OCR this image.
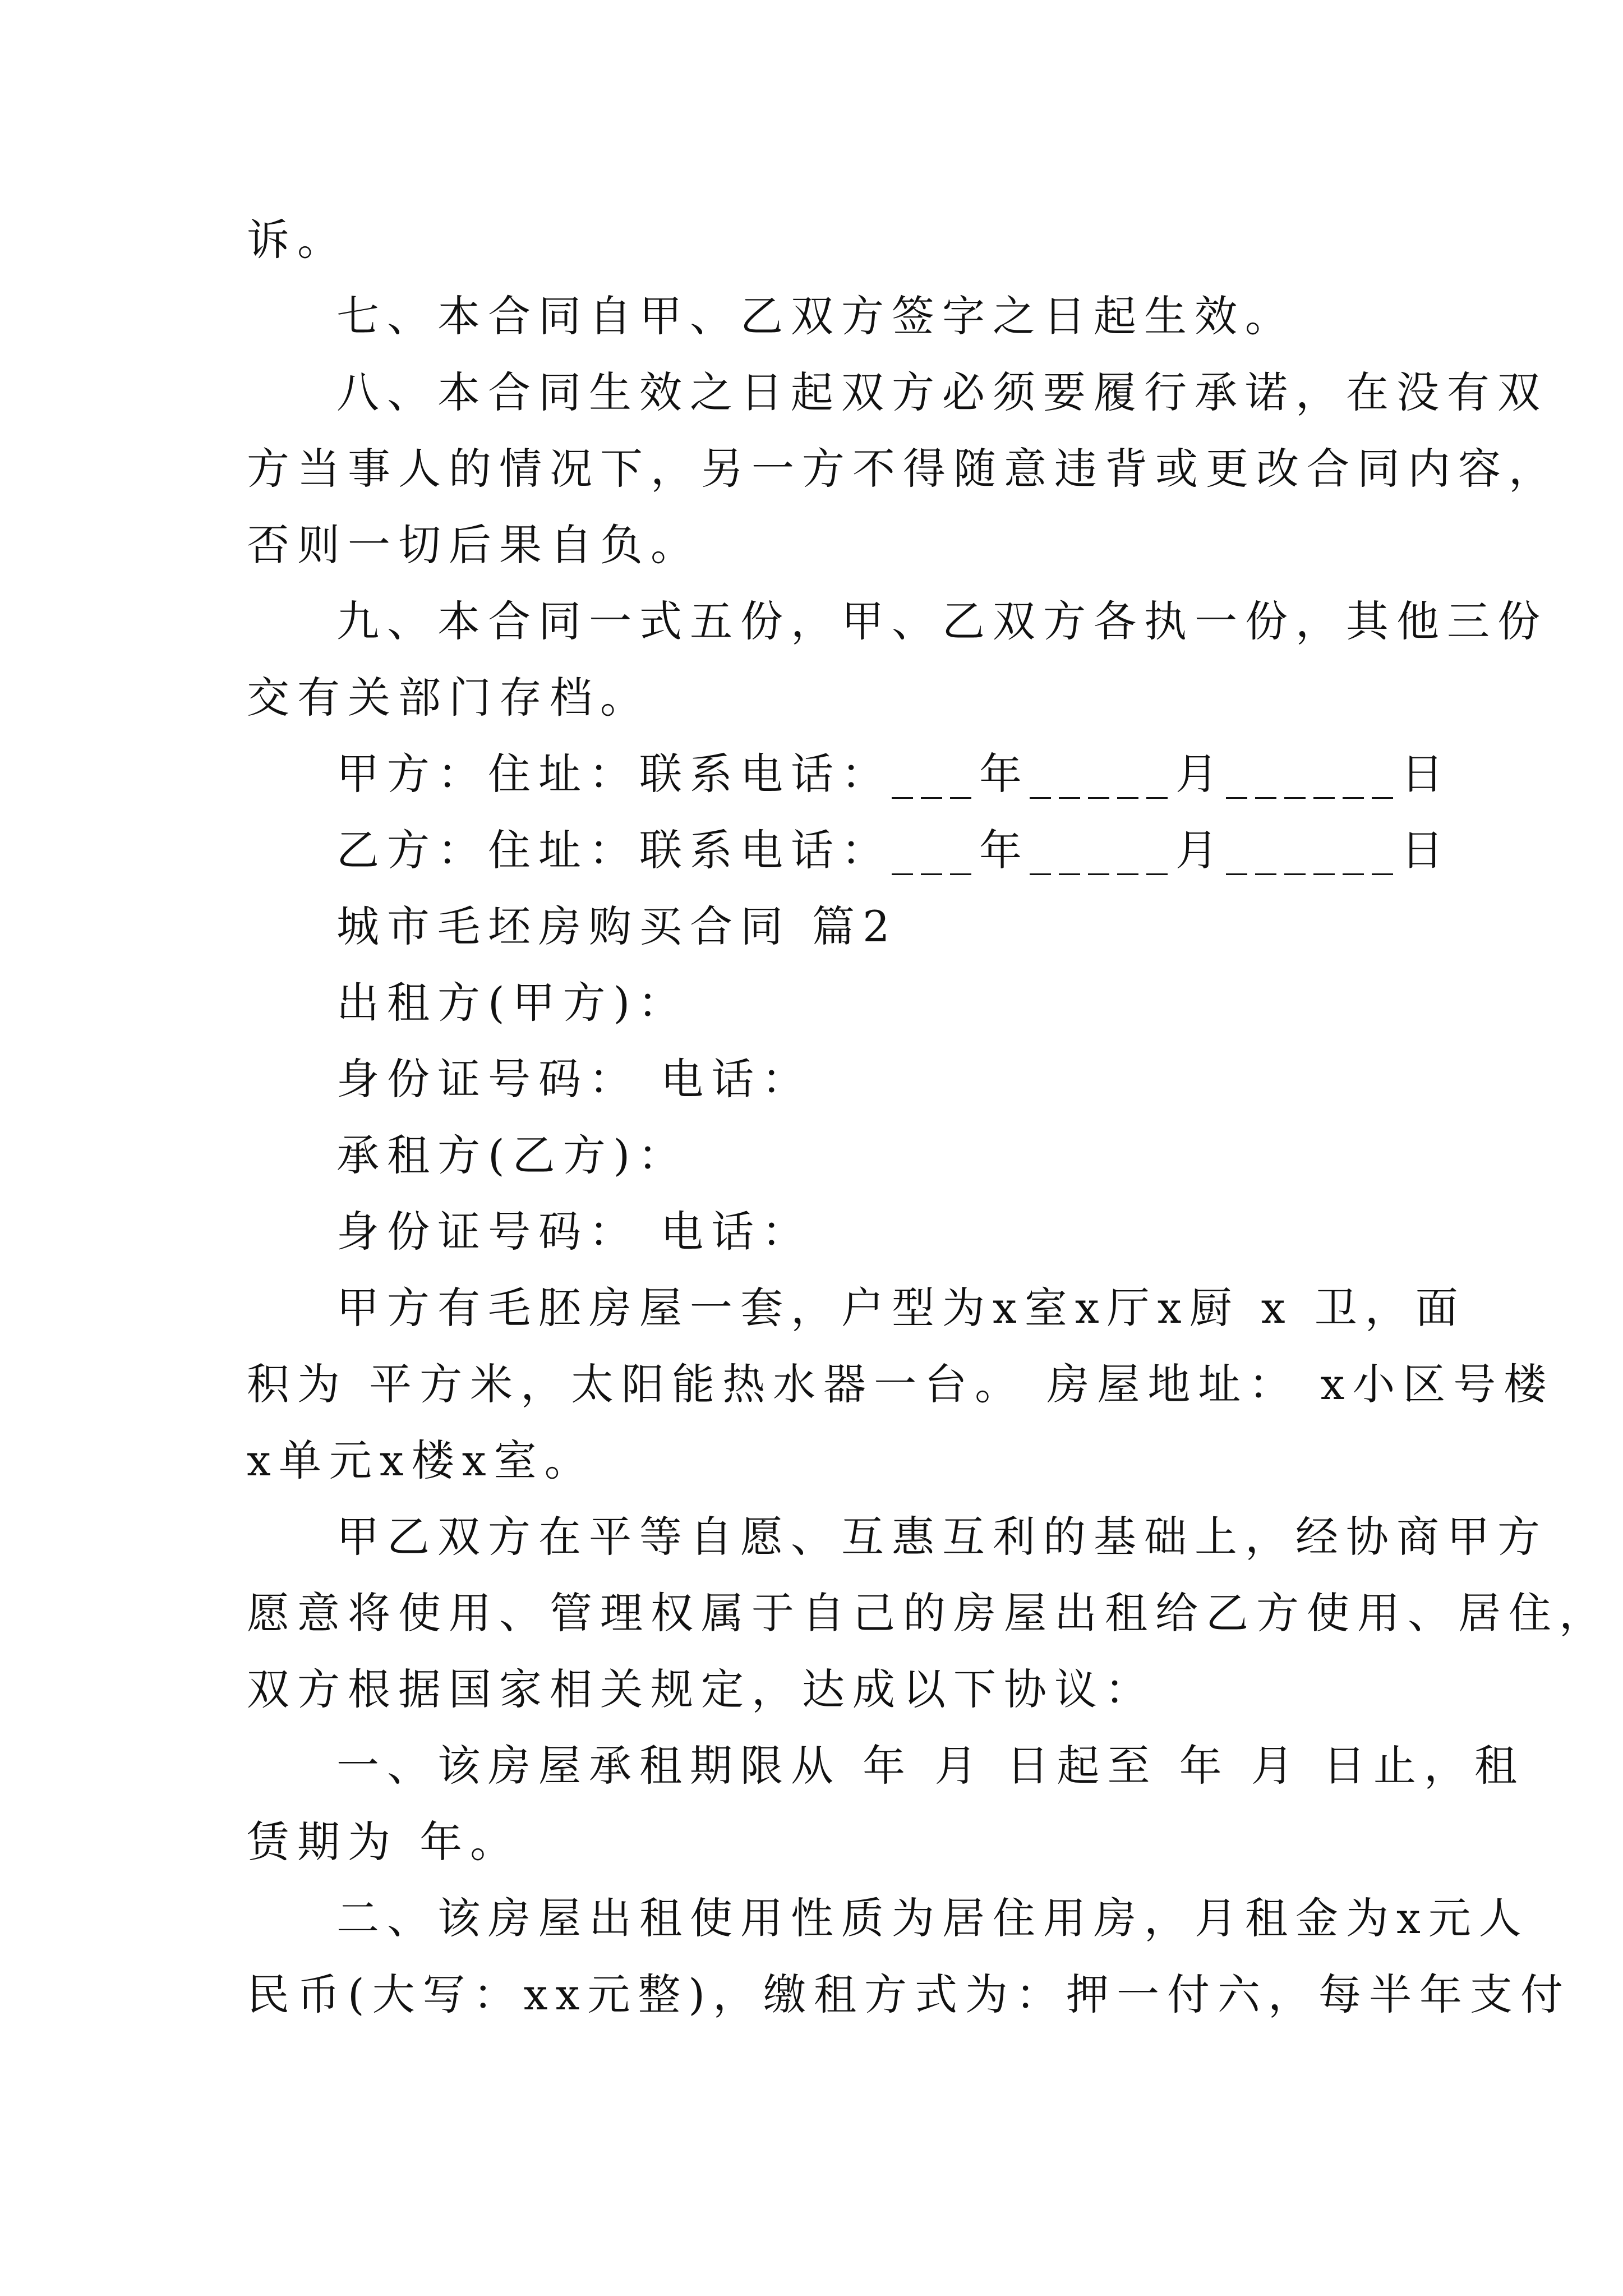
诉。
七、本合同自甲、乙双方签字之日起生效。
八、本合同生效之日起双方必须要履行承诺，在没有双
方当事人的情况下，另一方不得随意违背或更改合同内容，
否则一切后果自负。
九、本合同一式五份，甲、乙双方各执一份，其他三份
交有关部门存档。
甲方：住址：联系电话：___年_____月______日
乙方：住址：联系电话：___年_____月______日
城市毛坯房购买合同 篇2
出租方(甲方)：
身份证号码： 电话：
承租方(乙方)：
身份证号码： 电话：
甲方有毛胚房屋一套，户型为x室x厅x厨 x 卫，面
积为 平方米，太阳能热水器一台。 房屋地址： x小区号楼
x单元x楼x室。
甲乙双方在平等自愿、互惠互利的基础上，经协商甲方
愿意将使用、管理权属于自己的房屋出租给乙方使用、居住，
双方根据国家相关规定，达成以下协议：
一、该房屋承租期限从 年 月 日起至 年 月 日止，租
赁期为 年。
二、该房屋出租使用性质为居住用房，月租金为x元人
民币(大写：xx元整)，缴租方式为：押一付六，每半年支付
